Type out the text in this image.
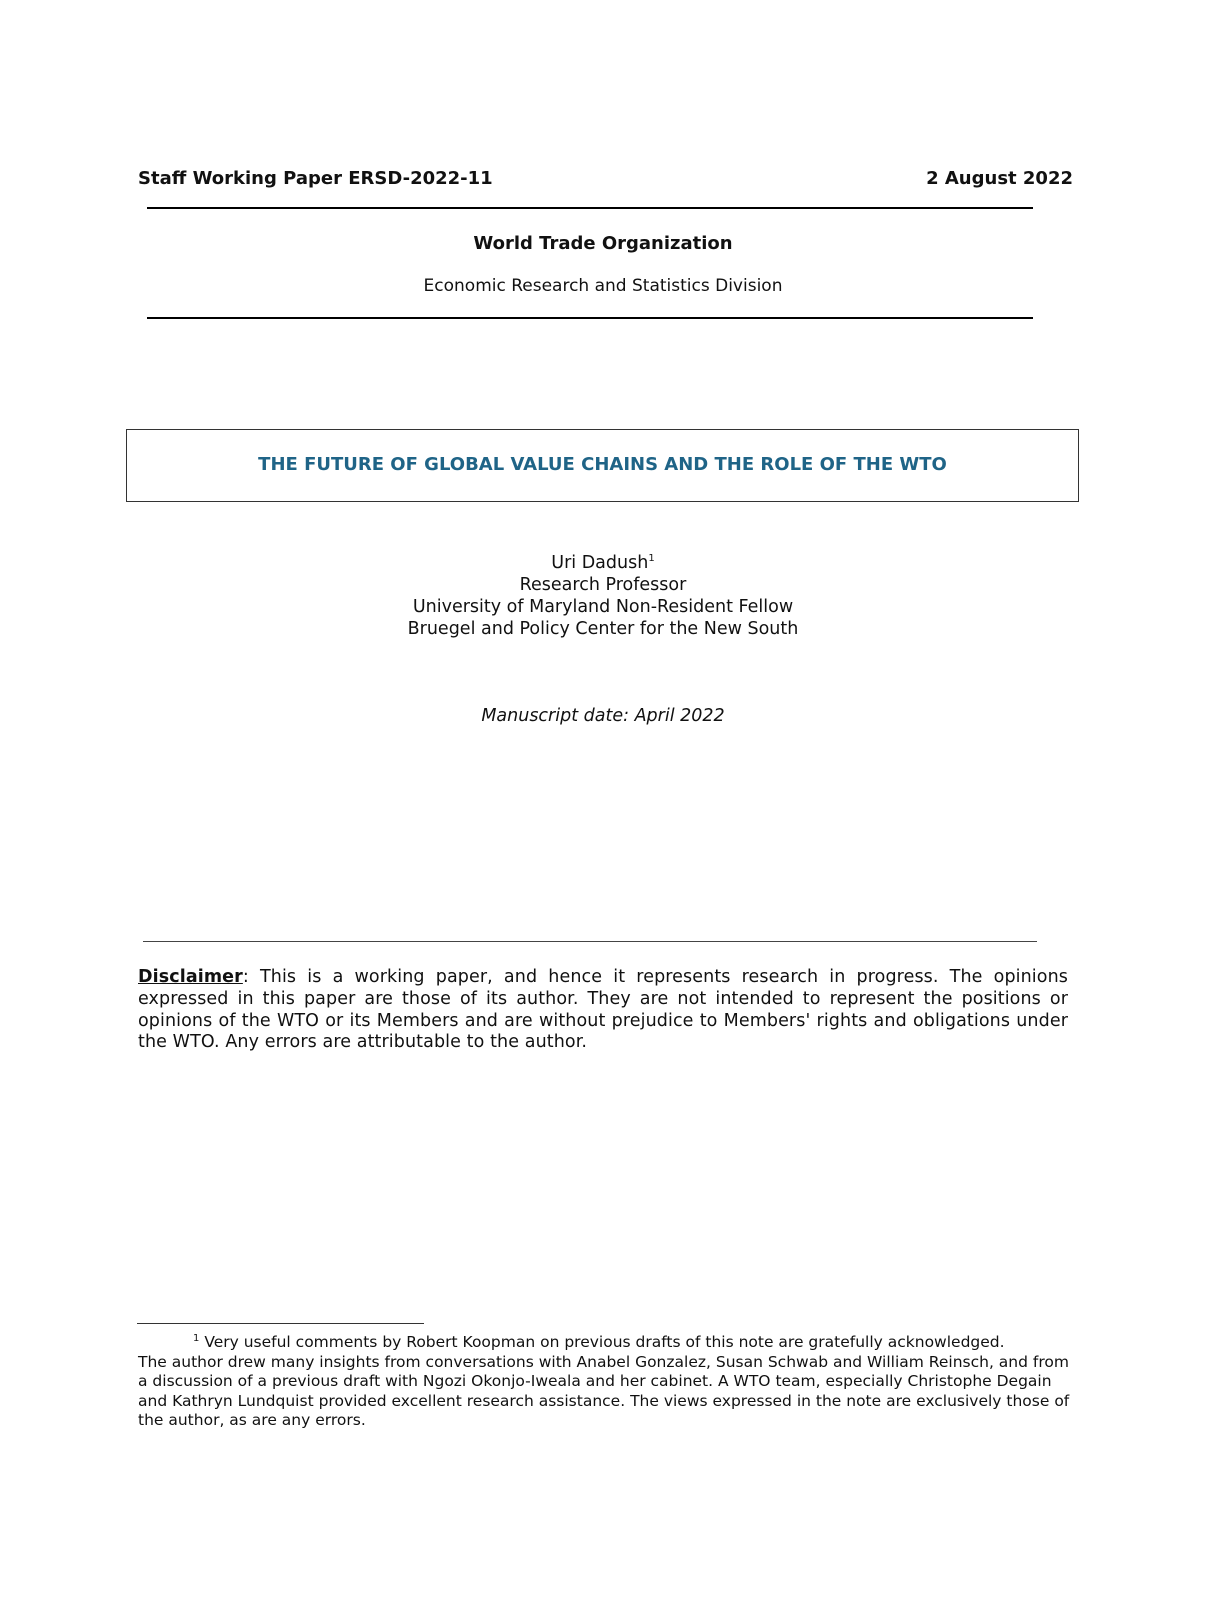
Staff Working Paper ERSD-2022-11	2 August 2022
World Trade Organization
Economic Research and Statistics Division
THE FUTURE OF GLOBAL VALUE CHAINS AND THE ROLE OF THE WTO
Uri Dadush$^1$
Research Professor
University of Maryland Non-Resident Fellow
Bruegel and Policy Center for the New South
Manuscript date: April 2022
Disclaimer: This is a working paper, and hence it represents research in progress. The opinions expressed in this paper are those of its author. They are not intended to represent the positions or opinions of the WTO or its Members and are without prejudice to Members' rights and obligations under the WTO. Any errors are attributable to the author.
$^1$ Very useful comments by Robert Koopman on previous drafts of this note are gratefully acknowledged.
The author drew many insights from conversations with Anabel Gonzalez, Susan Schwab and William Reinsch, and from a discussion of a previous draft with Ngozi Okonjo-Iweala and her cabinet. A WTO team, especially Christophe Degain and Kathryn Lundquist provided excellent research assistance. The views expressed in the note are exclusively those of the author, as are any errors.
